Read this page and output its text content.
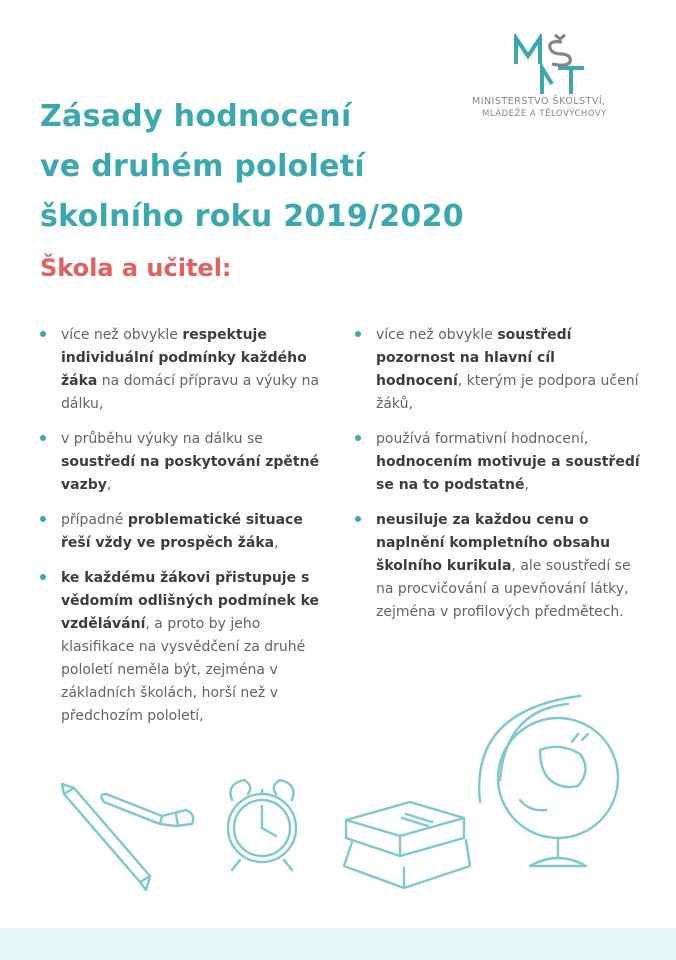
MINISTERSTVO ŠKOLSTVÍ,
MLÁDEŽE A TĚLOVÝCHOVY
Zásady hodnocení
ve druhém pololetí
školního roku 2019/2020
Škola a učitel:
více než obvykle respektuje individuální podmínky každého žáka na domácí přípravu a výuky na dálku,
v průběhu výuky na dálku se soustředí na poskytování zpětné vazby,
případné problematické situace řeší vždy ve prospěch žáka,
ke každému žákovi přistupuje s vědomím odlišných podmínek ke vzdělávání, a proto by jeho klasifikace na vysvědčení za druhé pololetí neměla být, zejména v základních školách, horší než v předchozím pololetí,
více než obvykle soustředí pozornost na hlavní cíl hodnocení, kterým je podpora učení žáků,
používá formativní hodnocení, hodnocením motivuje a soustředí se na to podstatné,
neusiluje za každou cenu o naplnění kompletního obsahu školního kurikula, ale soustředí se na procvičování a upevňování látky, zejména v profilových předmětech.
